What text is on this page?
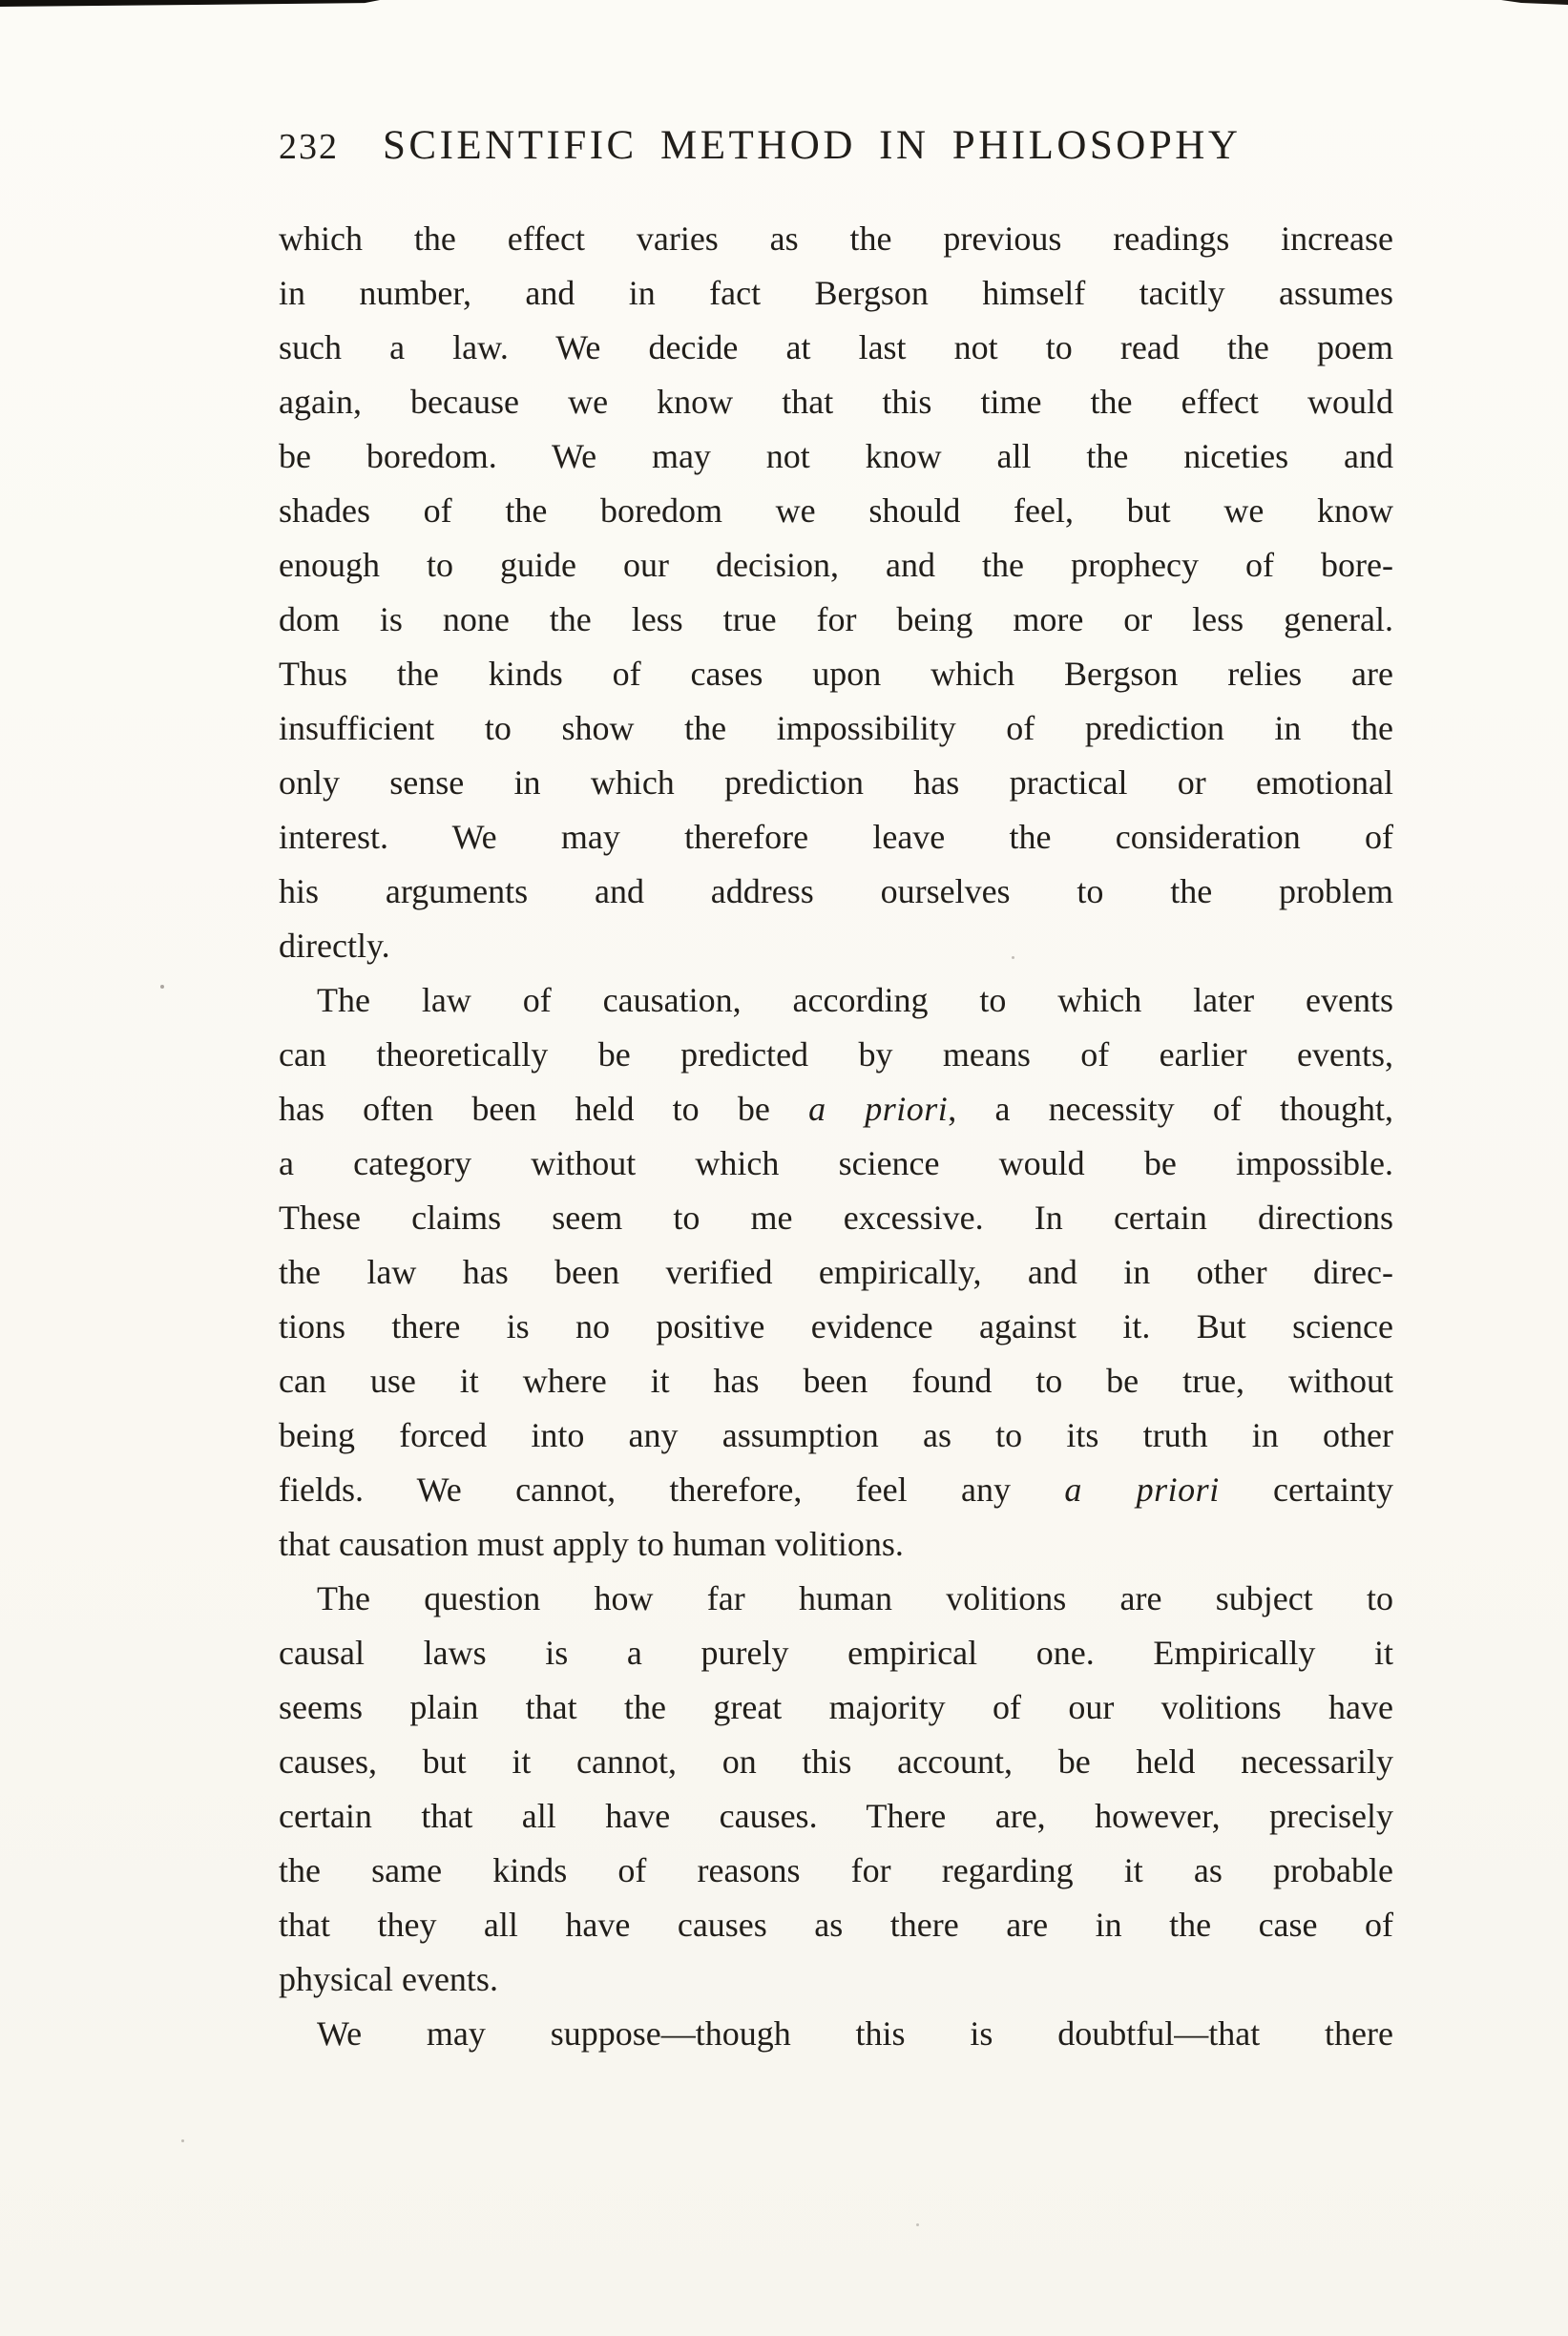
232 SCIENTIFIC METHOD IN PHILOSOPHY
which the effect varies as the previous readings increase
in number, and in fact Bergson himself tacitly assumes
such a law. We decide at last not to read the poem
again, because we know that this time the effect would
be boredom. We may not know all the niceties and
shades of the boredom we should feel, but we know
enough to guide our decision, and the prophecy of bore-
dom is none the less true for being more or less general.
Thus the kinds of cases upon which Bergson relies are
insufficient to show the impossibility of prediction in the
only sense in which prediction has practical or emotional
interest. We may therefore leave the consideration of
his arguments and address ourselves to the problem
directly.
The law of causation, according to which later events
can theoretically be predicted by means of earlier events,
has often been held to be a priori, a necessity of thought,
a category without which science would be impossible.
These claims seem to me excessive. In certain directions
the law has been verified empirically, and in other direc-
tions there is no positive evidence against it. But science
can use it where it has been found to be true, without
being forced into any assumption as to its truth in other
fields. We cannot, therefore, feel any a priori certainty
that causation must apply to human volitions.
The question how far human volitions are subject to
causal laws is a purely empirical one. Empirically it
seems plain that the great majority of our volitions have
causes, but it cannot, on this account, be held necessarily
certain that all have causes. There are, however, precisely
the same kinds of reasons for regarding it as probable
that they all have causes as there are in the case of
physical events.
We may suppose—though this is doubtful—that there
